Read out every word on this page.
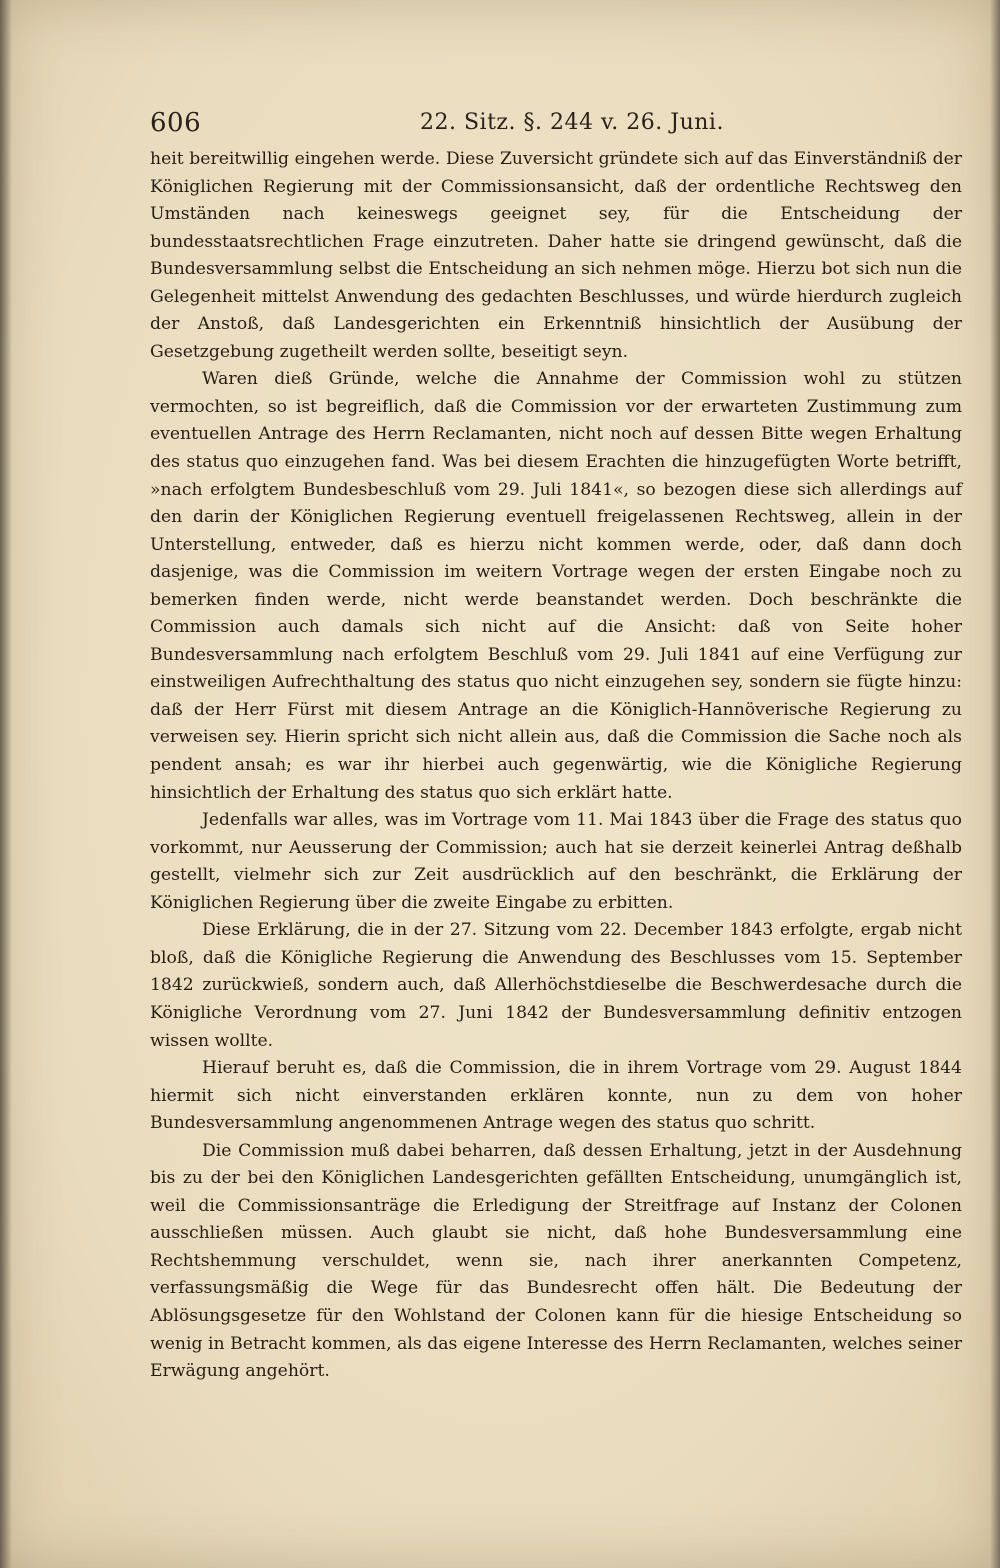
606	22. Sitz. §. 244 v. 26. Juni.

heit bereitwillig eingehen werde. Diese Zuversicht gründete sich auf das Einverständniß der Königlichen Regierung mit der Commissionsansicht, daß der ordentliche Rechtsweg den Umständen nach keineswegs geeignet sey, für die Entscheidung der bundesstaatsrechtlichen Frage einzutreten. Daher hatte sie dringend gewünscht, daß die Bundesversammlung selbst die Entscheidung an sich nehmen möge. Hierzu bot sich nun die Gelegenheit mittelst Anwendung des gedachten Beschlusses, und würde hierdurch zugleich der Anstoß, daß Landesgerichten ein Erkenntniß hinsichtlich der Ausübung der Gesetzgebung zugetheilt werden sollte, beseitigt seyn.

Waren dieß Gründe, welche die Annahme der Commission wohl zu stützen vermochten, so ist begreiflich, daß die Commission vor der erwarteten Zustimmung zum eventuellen Antrage des Herrn Reclamanten, nicht noch auf dessen Bitte wegen Erhaltung des status quo einzugehen fand. Was bei diesem Erachten die hinzugefügten Worte betrifft, »nach erfolgtem Bundesbeschluß vom 29. Juli 1841«, so bezogen diese sich allerdings auf den darin der Königlichen Regierung eventuell freigelassenen Rechtsweg, allein in der Unterstellung, entweder, daß es hierzu nicht kommen werde, oder, daß dann doch dasjenige, was die Commission im weitern Vortrage wegen der ersten Eingabe noch zu bemerken finden werde, nicht werde beanstandet werden. Doch beschränkte die Commission auch damals sich nicht auf die Ansicht: daß von Seite hoher Bundesversammlung nach erfolgtem Beschluß vom 29. Juli 1841 auf eine Verfügung zur einstweiligen Aufrechthaltung des status quo nicht einzugehen sey, sondern sie fügte hinzu: daß der Herr Fürst mit diesem Antrage an die Königlich-Hannöverische Regierung zu verweisen sey. Hierin spricht sich nicht allein aus, daß die Commission die Sache noch als pendent ansah; es war ihr hierbei auch gegenwärtig, wie die Königliche Regierung hinsichtlich der Erhaltung des status quo sich erklärt hatte.

Jedenfalls war alles, was im Vortrage vom 11. Mai 1843 über die Frage des status quo vorkommt, nur Aeusserung der Commission; auch hat sie derzeit keinerlei Antrag deßhalb gestellt, vielmehr sich zur Zeit ausdrücklich auf den beschränkt, die Erklärung der Königlichen Regierung über die zweite Eingabe zu erbitten.

Diese Erklärung, die in der 27. Sitzung vom 22. December 1843 erfolgte, ergab nicht bloß, daß die Königliche Regierung die Anwendung des Beschlusses vom 15. September 1842 zurückwieß, sondern auch, daß Allerhöchstdieselbe die Beschwerdesache durch die Königliche Verordnung vom 27. Juni 1842 der Bundesversammlung definitiv entzogen wissen wollte.

Hierauf beruht es, daß die Commission, die in ihrem Vortrage vom 29. August 1844 hiermit sich nicht einverstanden erklären konnte, nun zu dem von hoher Bundesversammlung angenommenen Antrage wegen des status quo schritt.

Die Commission muß dabei beharren, daß dessen Erhaltung, jetzt in der Ausdehnung bis zu der bei den Königlichen Landesgerichten gefällten Entscheidung, unumgänglich ist, weil die Commissionsanträge die Erledigung der Streitfrage auf Instanz der Colonen ausschließen müssen. Auch glaubt sie nicht, daß hohe Bundesversammlung eine Rechtshemmung verschuldet, wenn sie, nach ihrer anerkannten Competenz, verfassungsmäßig die Wege für das Bundesrecht offen hält. Die Bedeutung der Ablösungsgesetze für den Wohlstand der Colonen kann für die hiesige Entscheidung so wenig in Betracht kommen, als das eigene Interesse des Herrn Reclamanten, welches seiner Erwägung angehört.
